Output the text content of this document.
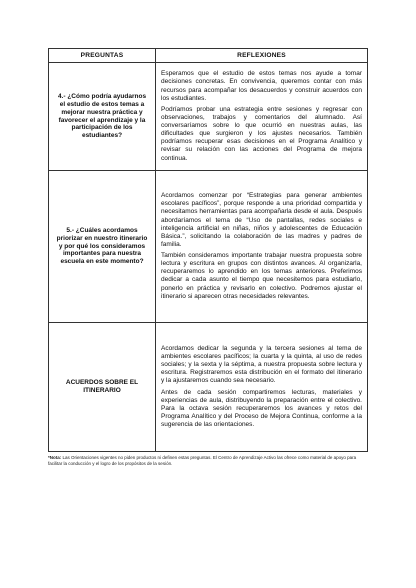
PREGUNTAS	REFLEXIONES
4.- ¿Cómo podría ayudarnos el estudio de estos temas a mejorar nuestra práctica y favorecer el aprendizaje y la participación de los estudiantes?	Esperamos que el estudio de estos temas nos ayude a tomar decisiones concretas. En convivencia, queremos contar con más recursos para acompañar los desacuerdos y construir acuerdos con los estudiantes.

Podríamos probar una estrategia entre sesiones y regresar con observaciones, trabajos y comentarios del alumnado. Así conversaríamos sobre lo que ocurrió en nuestras aulas, las dificultades que surgieron y los ajustes necesarios. También podríamos recuperar esas decisiones en el Programa Analítico y revisar su relación con las acciones del Programa de mejora continua.

5.- ¿Cuáles acordamos priorizar en nuestro itinerario y por qué los consideramos importantes para nuestra escuela en este momento?	Acordamos comenzar por “Estrategias para generar ambientes escolares pacíficos”, porque responde a una prioridad compartida y necesitamos herramientas para acompañarla desde el aula. Después abordaríamos el tema de “Uso de pantallas, redes sociales e inteligencia artificial en niñas, niños y adolescentes de Educación Básica.”, solicitando la colaboración de las madres y padres de familia.

También consideramos importante trabajar nuestra propuesta sobre lectura y escritura en grupos con distintos avances. Al organizarla, recuperaremos lo aprendido en los temas anteriores. Preferimos dedicar a cada asunto el tiempo que necesitemos para estudiarlo, ponerlo en práctica y revisarlo en colectivo. Podremos ajustar el itinerario si aparecen otras necesidades relevantes.

ACUERDOS SOBRE EL ITINERARIO	Acordamos dedicar la segunda y la tercera sesiones al tema de ambientes escolares pacíficos; la cuarta y la quinta, al uso de redes sociales; y la sexta y la séptima, a nuestra propuesta sobre lectura y escritura. Registraremos esta distribución en el formato del itinerario y la ajustaremos cuando sea necesario.

Antes de cada sesión compartiremos lecturas, materiales y experiencias de aula, distribuyendo la preparación entre el colectivo. Para la octava sesión recuperaremos los avances y retos del Programa Analítico y del Proceso de Mejora Continua, conforme a la sugerencia de las orientaciones.

*Nota: Las Orientaciones vigentes no piden productos ni definen estas preguntas. El Centro de Aprendizaje Activo las ofrece como material de apoyo para facilitar la conducción y el logro de los propósitos de la sesión.
